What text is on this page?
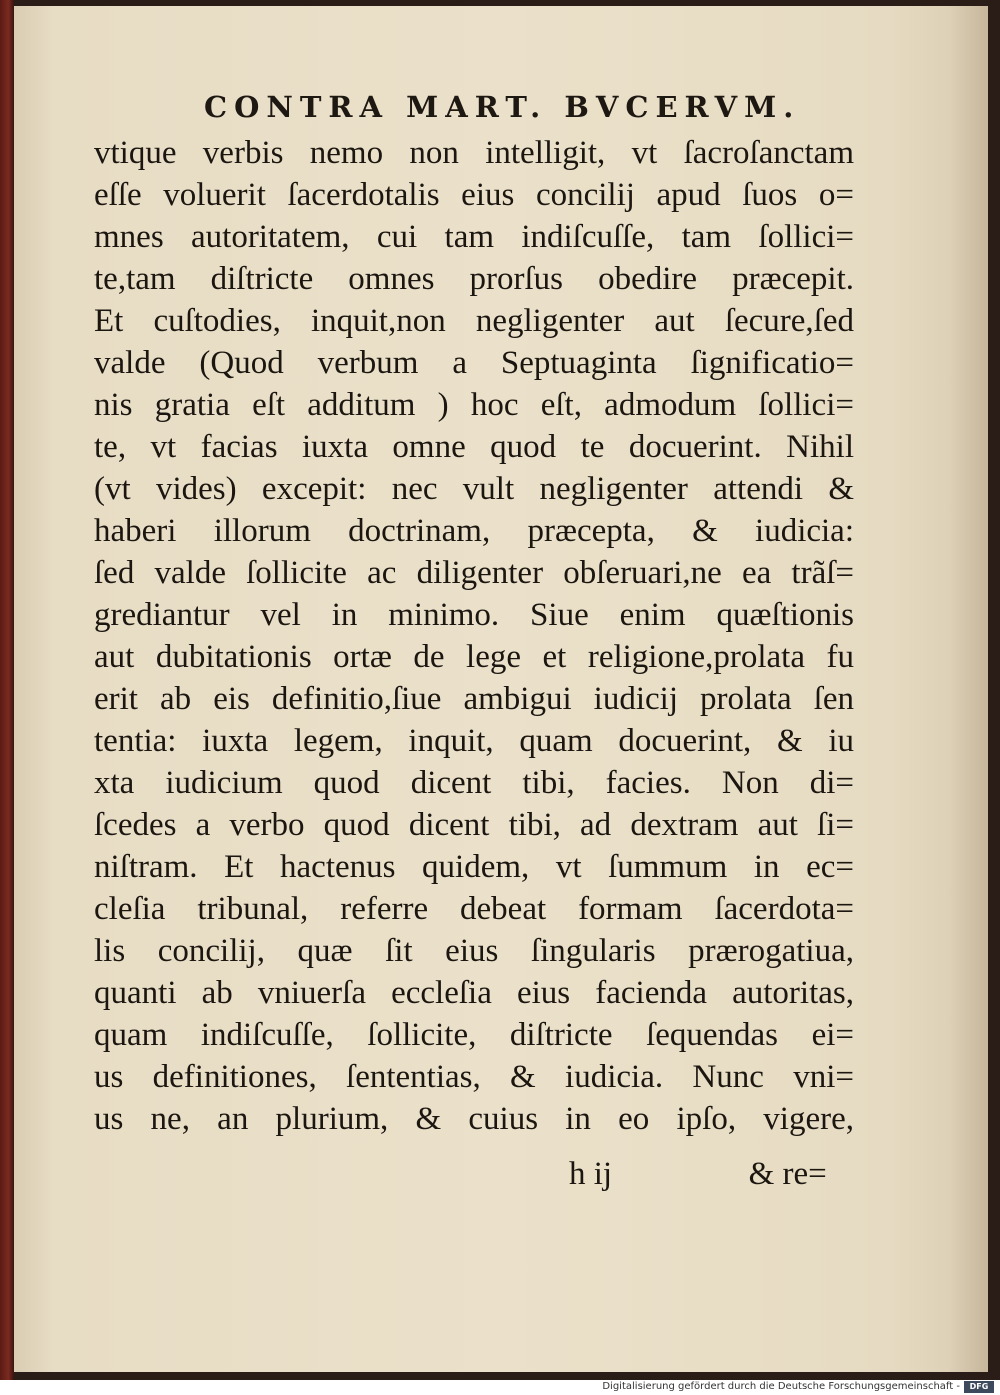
CONTRA MART. BVCERVM.
vtique verbis nemo non intelligit, vt ſacroſanctam
eſſe voluerit ſacerdotalis eius concilij apud ſuos o=
mnes autoritatem, cui tam indiſcuſſe, tam ſollici=
te,tam diſtricte omnes prorſus obedire præcepit.
Et cuſtodies, inquit,non negligenter aut ſecure,ſed
valde (Quod verbum a Septuaginta ſignificatio=
nis gratia eſt additum ) hoc eſt, admodum ſollici=
te, vt facias iuxta omne quod te docuerint. Nihil
(vt vides) excepit: nec vult negligenter attendi &
haberi illorum doctrinam, præcepta, & iudicia:
ſed valde ſollicite ac diligenter obſeruari,ne ea trãſ=
grediantur vel in minimo. Siue enim quæſtionis
aut dubitationis ortæ de lege et religione,prolata fu
erit ab eis definitio,ſiue ambigui iudicij prolata ſen
tentia: iuxta legem, inquit, quam docuerint, & iu
xta iudicium quod dicent tibi, facies. Non di=
ſcedes a verbo quod dicent tibi, ad dextram aut ſi=
niſtram. Et hactenus quidem, vt ſummum in ec=
cleſia tribunal, referre debeat formam ſacerdota=
lis concilij, quæ ſit eius ſingularis prærogatiua,
quanti ab vniuerſa eccleſia eius facienda autoritas,
quam indiſcuſſe, ſollicite, diſtricte ſequendas ei=
us definitiones, ſententias, & iudicia. Nunc vni=
us ne, an plurium, & cuius in eo ipſo, vigere,
h ij	& re=
Digitalisierung gefördert durch die Deutsche Forschungsgemeinschaft -	DFG
